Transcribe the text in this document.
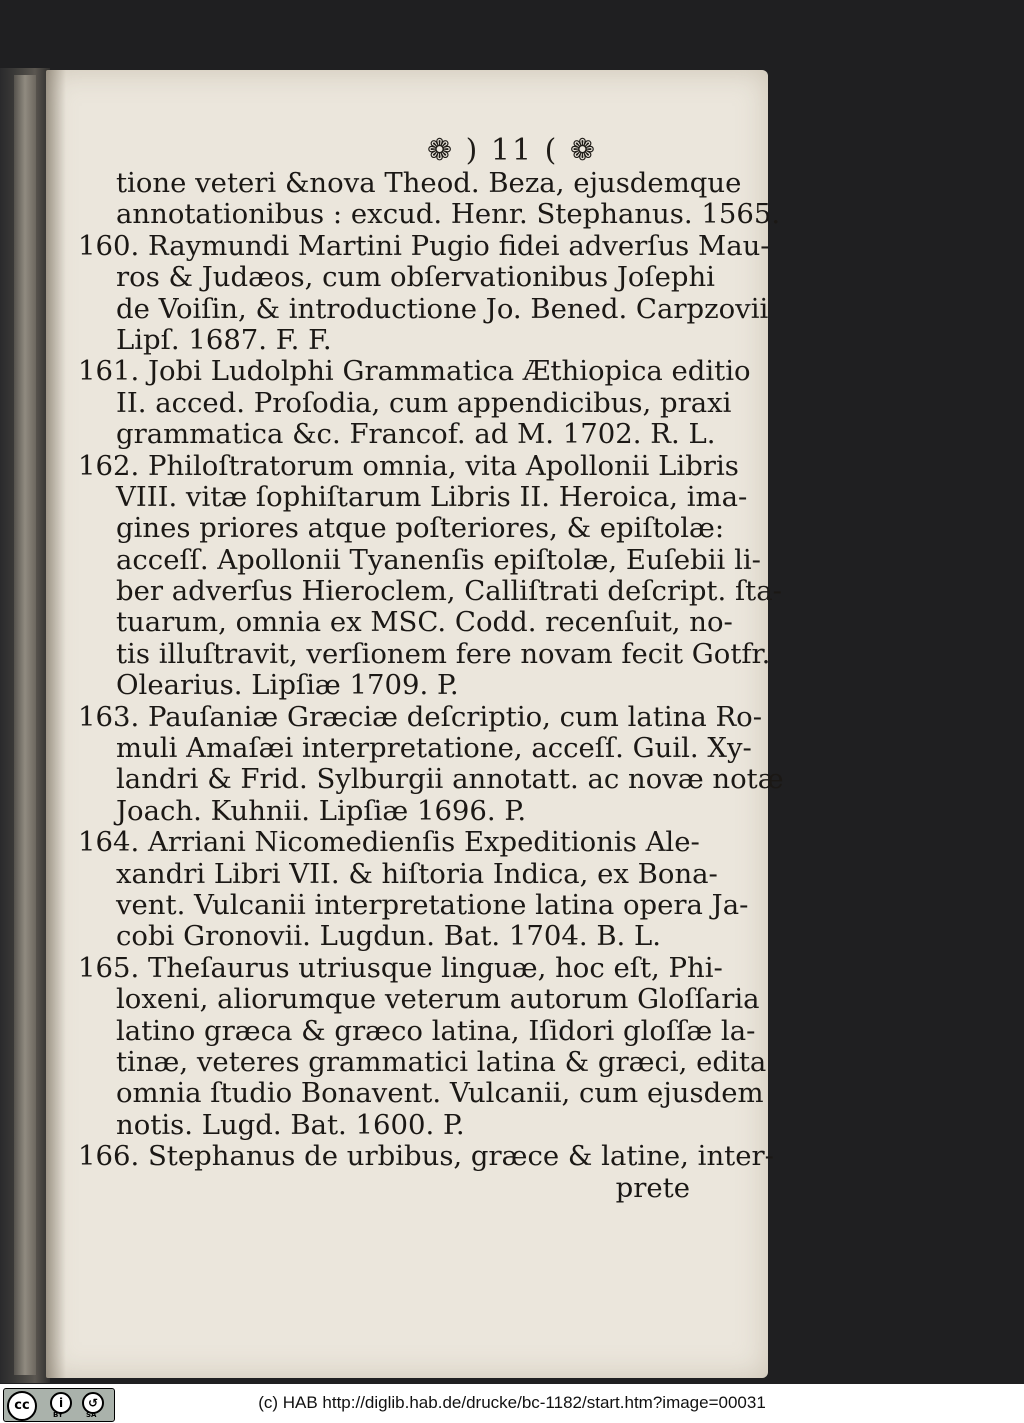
❁ ) 11 ( ❁
tione veteri &nova Theod. Beza, ejusdemque
annotationibus : excud. Henr. Stephanus. 1565.
160. Raymundi Martini Pugio fidei adverſus Mau-
ros & Judæos, cum obſervationibus Joſephi
de Voiſin, & introductione Jo. Bened. Carpzovii
Lipſ. 1687. F. F.
161. Jobi Ludolphi Grammatica Æthiopica editio
II. acced. Proſodia, cum appendicibus, praxi
grammatica &c. Francof. ad M. 1702. R. L.
162. Philoſtratorum omnia, vita Apollonii Libris
VIII. vitæ ſophiſtarum Libris II. Heroica, ima-
gines priores atque poſteriores, & epiſtolæ:
acceſſ. Apollonii Tyanenſis epiſtolæ, Euſebii li-
ber adverſus Hieroclem, Calliſtrati deſcript. ſta-
tuarum, omnia ex MSC. Codd. recenſuit, no-
tis illuſtravit, verſionem fere novam fecit Gotfr.
Olearius. Lipſiæ 1709. P.
163. Pauſaniæ Græciæ deſcriptio, cum latina Ro-
muli Amaſæi interpretatione, acceſſ. Guil. Xy-
landri & Frid. Sylburgii annotatt. ac novæ notæ
Joach. Kuhnii. Lipſiæ 1696. P.
164. Arriani Nicomedienſis Expeditionis Ale-
xandri Libri VII. & hiſtoria Indica, ex Bona-
vent. Vulcanii interpretatione latina opera Ja-
cobi Gronovii. Lugdun. Bat. 1704. B. L.
165. Theſaurus utriusque linguæ, hoc eſt, Phi-
loxeni, aliorumque veterum autorum Gloſſaria
latino græca & græco latina, Iſidori gloſſæ la-
tinæ, veteres grammatici latina & græci, edita
omnia ſtudio Bonavent. Vulcanii, cum ejusdem
notis. Lugd. Bat. 1600. P.
166. Stephanus de urbibus, græce & latine, inter-
prete
cc	i	↺
BY	SA
(c) HAB http://diglib.hab.de/drucke/bc-1182/start.htm?image=00031
